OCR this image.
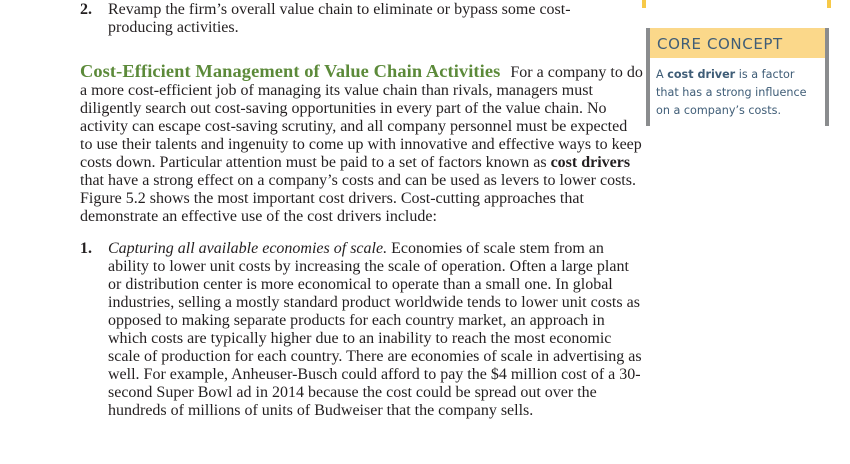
2.	Revamp the firm’s overall value chain to eliminate or bypass some cost-producing activities.

Cost-Efficient Management of Value Chain Activities For a company to do a more cost-efficient job of managing its value chain than rivals, managers must diligently search out cost-saving opportunities in every part of the value chain. No activity can escape cost-saving scrutiny, and all company personnel must be expected to use their talents and ingenuity to come up with innovative and effective ways to keep costs down. Particular attention must be paid to a set of factors known as cost drivers that have a strong effect on a company’s costs and can be used as levers to lower costs. Figure 5.2 shows the most important cost drivers. Cost-cutting approaches that demonstrate an effective use of the cost drivers include:

1.	Capturing all available economies of scale. Economies of scale stem from an ability to lower unit costs by increasing the scale of operation. Often a large plant or distribution center is more economical to operate than a small one. In global industries, selling a mostly standard product worldwide tends to lower unit costs as opposed to making separate products for each country market, an approach in which costs are typically higher due to an inability to reach the most economic scale of production for each country. There are economies of scale in advertising as well. For example, Anheuser-Busch could afford to pay the $4 million cost of a 30-second Super Bowl ad in 2014 because the cost could be spread out over the hundreds of millions of units of Budweiser that the company sells.
CORE CONCEPT
A cost driver is a factor that has a strong influence on a company’s costs.
